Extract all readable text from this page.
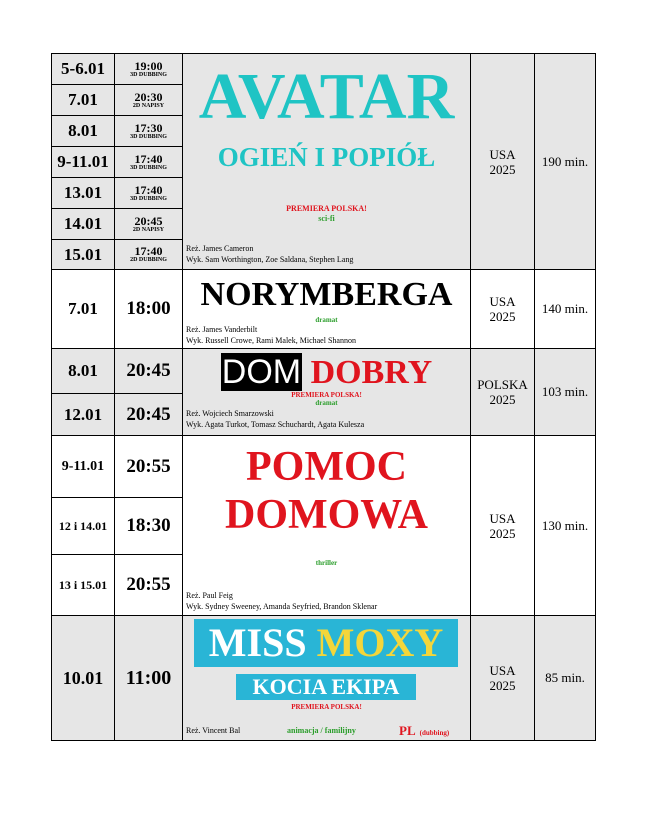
5-6.01
7.01
8.01
9-11.01
13.01
14.01
15.01
19:00
3D DUBBING
20:30
2D NAPISY
17:30
3D DUBBING
17:40
3D DUBBING
17:40
3D DUBBING
20:45
2D NAPISY
17:40
2D DUBBING
AVATAR
OGIEŃ I POPIÓŁ
PREMIERA POLSKA!
sci-fi
Reż. James Cameron
Wyk. Sam Worthington, Zoe Saldana, Stephen Lang
USA
2025
190 min.
7.01 18:00 NORYMBERGA
dramat
Reż. James Vanderbilt
Wyk. Russell Crowe, Rami Malek, Michael Shannon
USA
2025
140 min.
8.01
12.01
20:45
20:45
DOM DOBRY
PREMIERA POLSKA!
dramat
Reż. Wojciech Smarzowski
Wyk. Agata Turkot, Tomasz Schuchardt, Agata Kulesza
POLSKA
2025
103 min.
9-11.01
12 i 14.01
13 i 15.01
20:55
18:30
20:55
POMOC
DOMOWA
thriller
Reż. Paul Feig
Wyk. Sydney Sweeney, Amanda Seyfried, Brandon Sklenar
USA
2025
130 min.
10.01 11:00
MISS MOXY
KOCIA EKIPA
PREMIERA POLSKA!
Reż. Vincent Bal	animacja / familijny	PL (dubbing)
USA
2025
85 min.
